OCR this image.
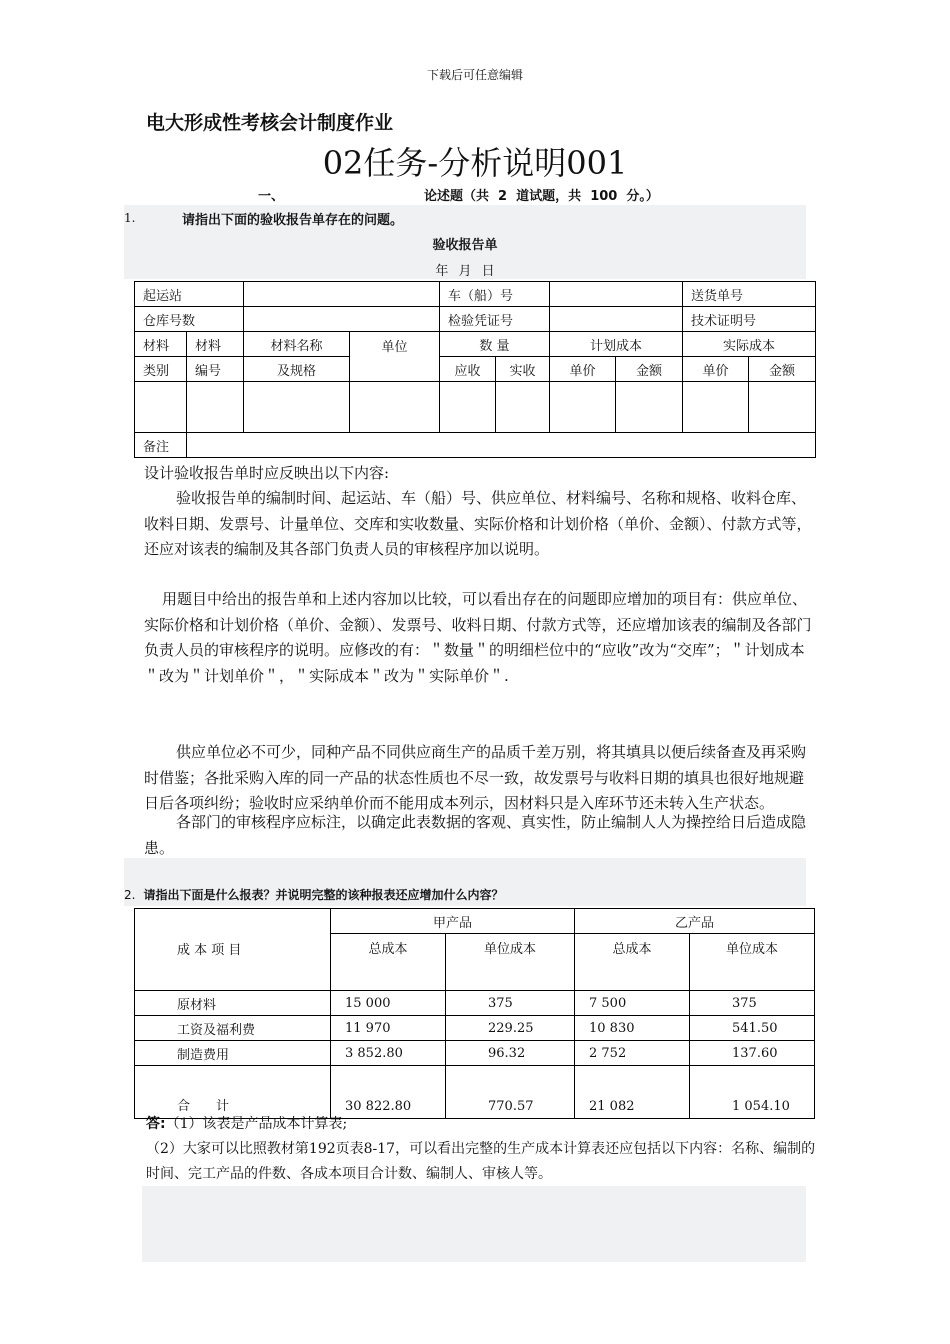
下载后可任意编辑
电大形成性考核会计制度作业
02任务-分析说明001
一、	论述题（共  2  道试题，共  100  分。）
1.	请指出下面的验收报告单存在的问题。
验收报告单
年 月 日
起运站				车（船）号				送货单号	
仓库号数				检验凭证号				技术证明号	
材料	材料	材料名称	单位	数 量		计划成本		实际成本	
类别	编号	及规格		应收	实收	单价	金额	单价	金额

备注									
设计验收报告单时应反映出以下内容:
验收报告单的编制时间、起运站、车（船）号、供应单位、材料编号、名称和规格、收料仓库、收料日期、发票号、计量单位、交库和实收数量、实际价格和计划价格（单价、金额）、付款方式等，还应对该表的编制及其各部门负责人员的审核程序加以说明。
用题目中给出的报告单和上述内容加以比较，可以看出存在的问题即应增加的项目有：供应单位、实际价格和计划价格（单价、金额）、发票号、收料日期、付款方式等，还应增加该表的编制及各部门负责人员的审核程序的说明。应修改的有：＂数量＂的明细栏位中的“应收”改为“交库”；＂计划成本＂改为＂计划单价＂，＂实际成本＂改为＂实际单价＂.
供应单位必不可少，同种产品不同供应商生产的品质千差万别，将其填具以便后续备查及再采购时借鉴；各批采购入库的同一产品的状态性质也不尽一致，故发票号与收料日期的填具也很好地规避日后各项纠纷；验收时应采纳单价而不能用成本列示，因材料只是入库环节还未转入生产状态。
各部门的审核程序应标注，以确定此表数据的客观、真实性，防止编制人人为操控给日后造成隐患。
2. 请指出下面是什么报表？并说明完整的该种报表还应增加什么内容？
成 本 项 目	甲产品		乙产品	
	总成本	单位成本	总成本	单位成本
原材料	15 000	375	7 500	375
工资及福利费	11 970	229.25	10 830	541.50
制造费用	3 852.80	96.32	2 752	137.60
合　　计	30 822.80	770.57	21 082	1 054.10
答:（1）该表是产品成本计算表;
（2）大家可以比照教材第192页表8-17，可以看出完整的生产成本计算表还应包括以下内容：名称、编制的时间、完工产品的件数、各成本项目合计数、编制人、审核人等。
